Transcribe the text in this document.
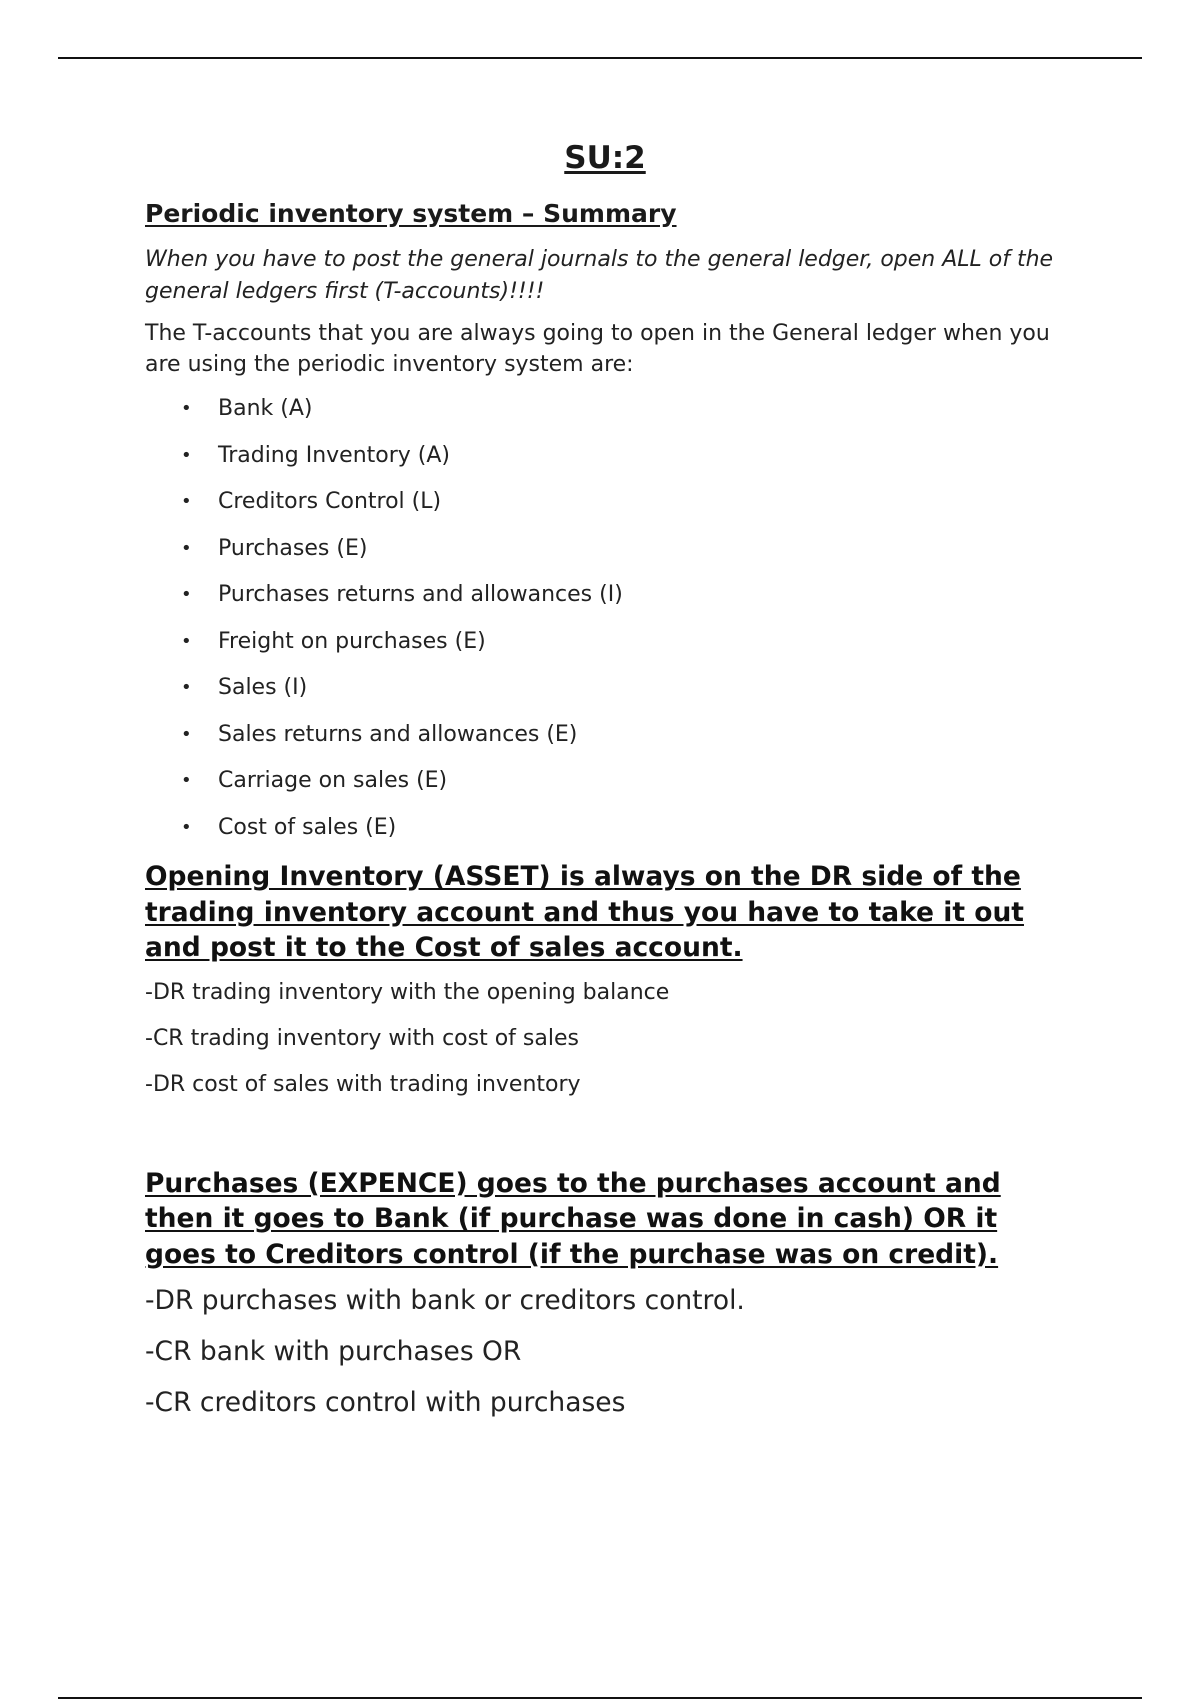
SU:2
Periodic inventory system – Summary
When you have to post the general journals to the general ledger, open ALL of the general ledgers first (T-accounts)!!!!
The T-accounts that you are always going to open in the General ledger when you are using the periodic inventory system are:
• Bank (A)
• Trading Inventory (A)
• Creditors Control (L)
• Purchases (E)
• Purchases returns and allowances (I)
• Freight on purchases (E)
• Sales (I)
• Sales returns and allowances (E)
• Carriage on sales (E)
• Cost of sales (E)
Opening Inventory (ASSET) is always on the DR side of the trading inventory account and thus you have to take it out and post it to the Cost of sales account.
-DR trading inventory with the opening balance
-CR trading inventory with cost of sales
-DR cost of sales with trading inventory
Purchases (EXPENCE) goes to the purchases account and then it goes to Bank (if purchase was done in cash) OR it goes to Creditors control (if the purchase was on credit).
-DR purchases with bank or creditors control.
-CR bank with purchases OR
-CR creditors control with purchases
